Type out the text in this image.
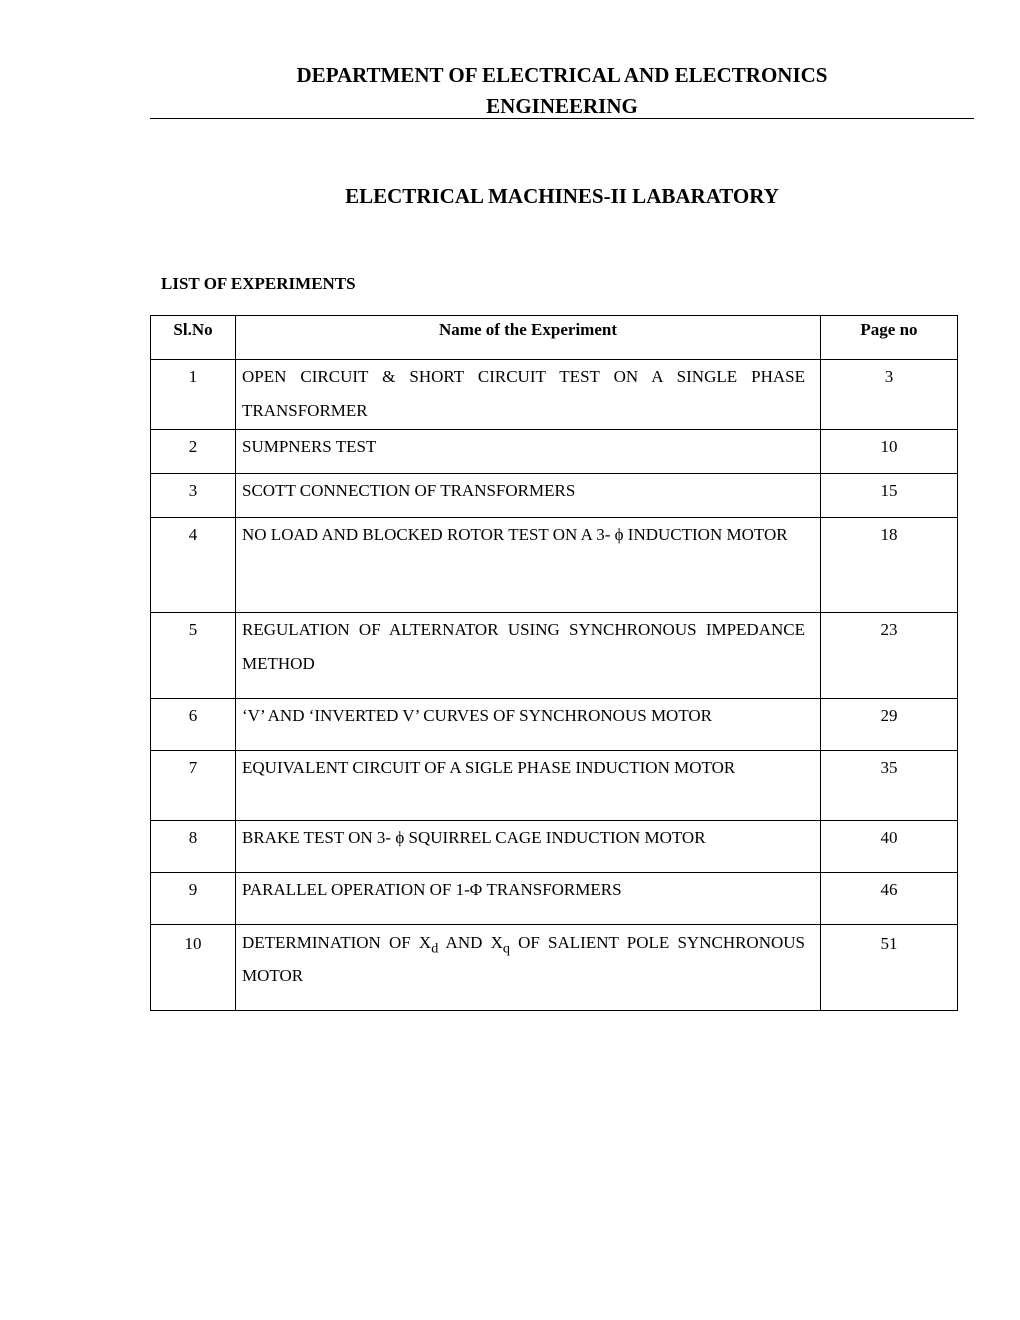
DEPARTMENT OF ELECTRICAL AND ELECTRONICS
ENGINEERING
ELECTRICAL MACHINES-II LABARATORY
LIST OF EXPERIMENTS
Sl.No	Name of the Experiment	Page no

1	OPEN CIRCUIT & SHORT CIRCUIT TEST ON A SINGLE PHASE TRANSFORMER	3

2	SUMPNERS TEST	10

3	SCOTT CONNECTION OF TRANSFORMERS	15

4	NO LOAD AND BLOCKED ROTOR TEST ON A 3- ϕ INDUCTION MOTOR	18

5	REGULATION OF ALTERNATOR USING SYNCHRONOUS IMPEDANCE METHOD	23

6	‘V’ AND ‘INVERTED V’ CURVES OF SYNCHRONOUS MOTOR	29

7	EQUIVALENT CIRCUIT OF A SIGLE PHASE INDUCTION MOTOR	35

8	BRAKE TEST ON 3- ϕ SQUIRREL CAGE INDUCTION MOTOR	40

9	PARALLEL OPERATION OF 1-Φ TRANSFORMERS	46

10	DETERMINATION OF $X_d$ AND $X_q$ OF SALIENT POLE SYNCHRONOUS MOTOR	51
